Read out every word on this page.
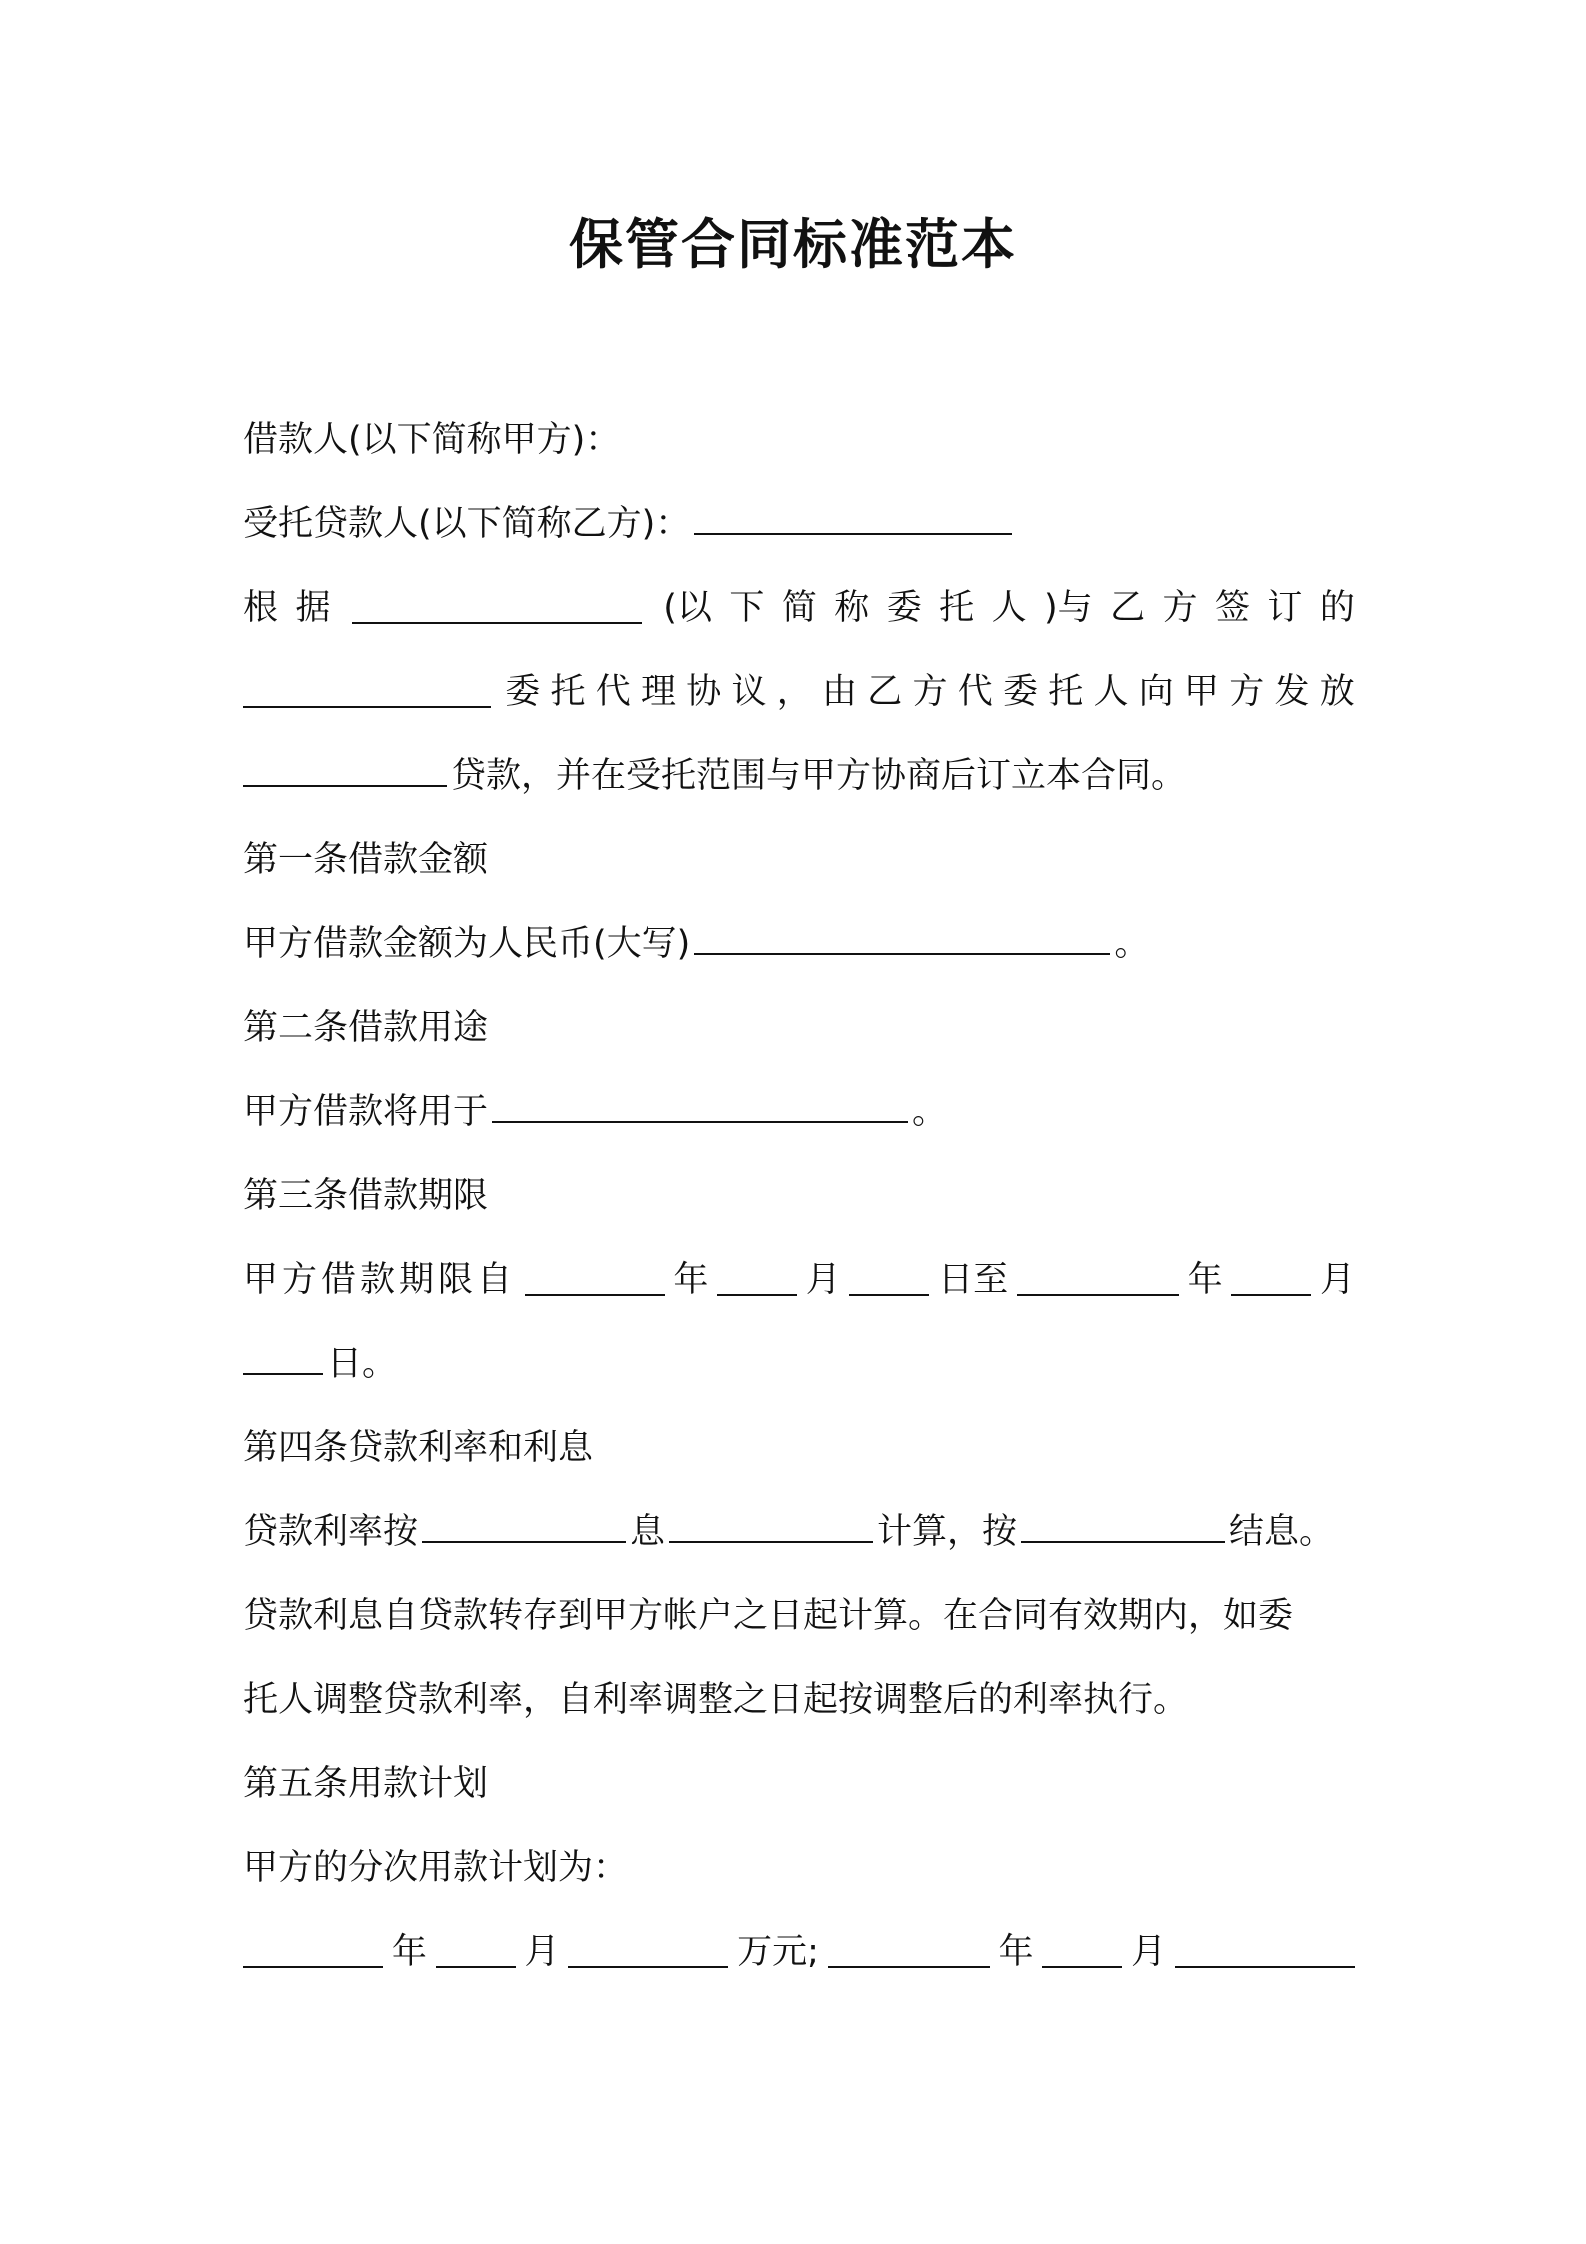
保管合同标准范本
借款人(以下简称甲方)：
受托贷款人(以下简称乙方)：
根 据	(以 下 简 称 委 托 人 )与 乙 方 签 订 的
委 托 代 理 协 议 ， 由 乙 方 代 委 托 人 向 甲 方 发 放
贷款，并在受托范围与甲方协商后订立本合同。
第一条借款金额
甲方借款金额为人民币(大写)	。
第二条借款用途
甲方借款将用于	。
第三条借款期限
甲方借款期限自	年	月	日至	年	月
日。
第四条贷款利率和利息
贷款利率按	息	计算，按	结息。
贷款利息自贷款转存到甲方帐户之日起计算。在合同有效期内，如委
托人调整贷款利率，自利率调整之日起按调整后的利率执行。
第五条用款计划
甲方的分次用款计划为：
年	月	万元;	年	月
